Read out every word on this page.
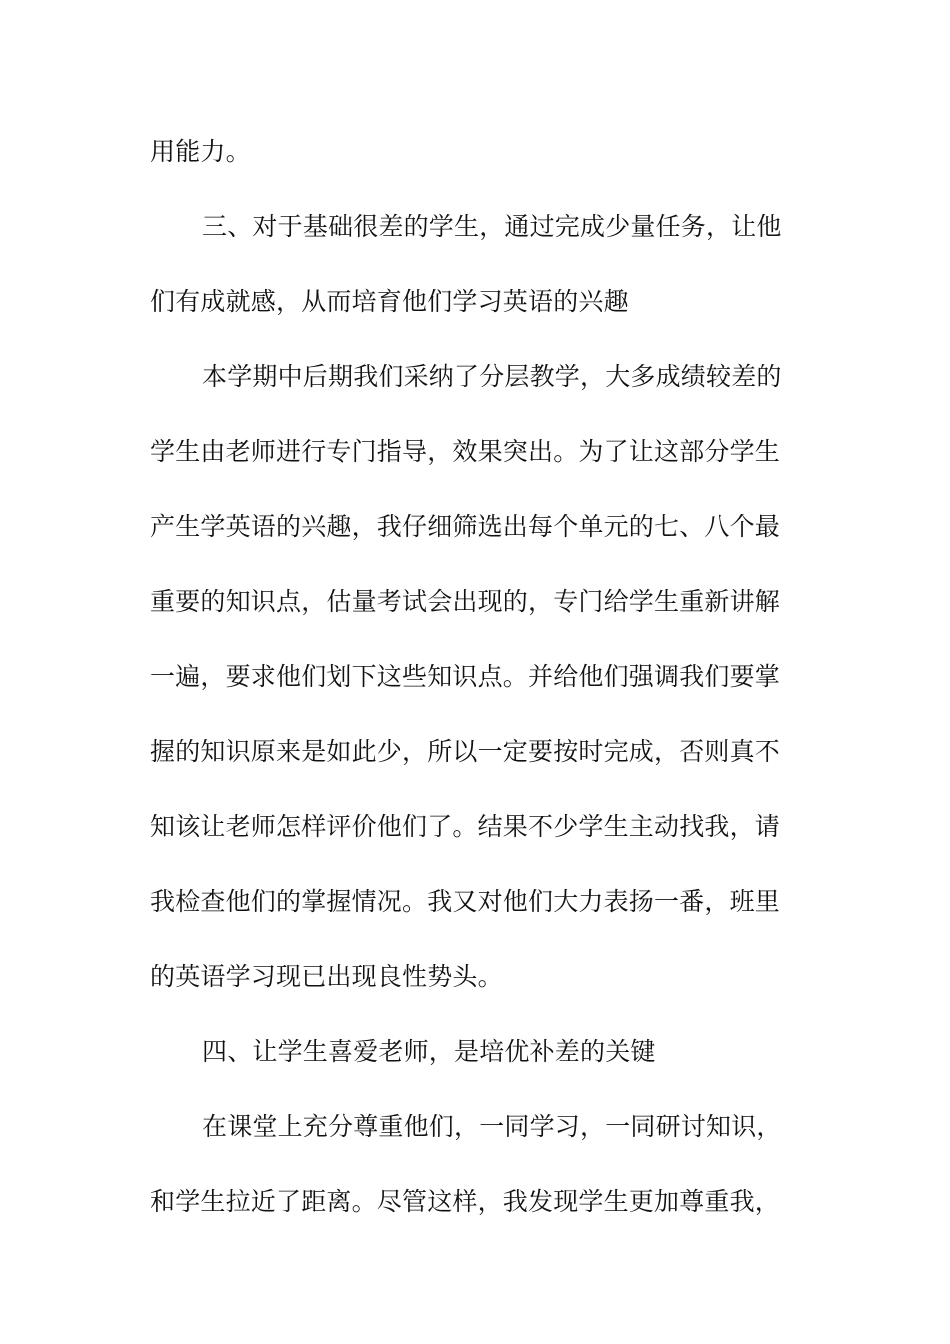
用能力。

三、对于基础很差的学生，通过完成少量任务，让他

们有成就感，从而培育他们学习英语的兴趣

本学期中后期我们采纳了分层教学，大多成绩较差的

学生由老师进行专门指导，效果突出。为了让这部分学生

产生学英语的兴趣，我仔细筛选出每个单元的七、八个最

重要的知识点，估量考试会出现的，专门给学生重新讲解

一遍，要求他们划下这些知识点。并给他们强调我们要掌

握的知识原来是如此少，所以一定要按时完成，否则真不

知该让老师怎样评价他们了。结果不少学生主动找我，请

我检查他们的掌握情况。我又对他们大力表扬一番，班里

的英语学习现已出现良性势头。

四、让学生喜爱老师，是培优补差的关键

在课堂上充分尊重他们，一同学习，一同研讨知识，

和学生拉近了距离。尽管这样，我发现学生更加尊重我，
